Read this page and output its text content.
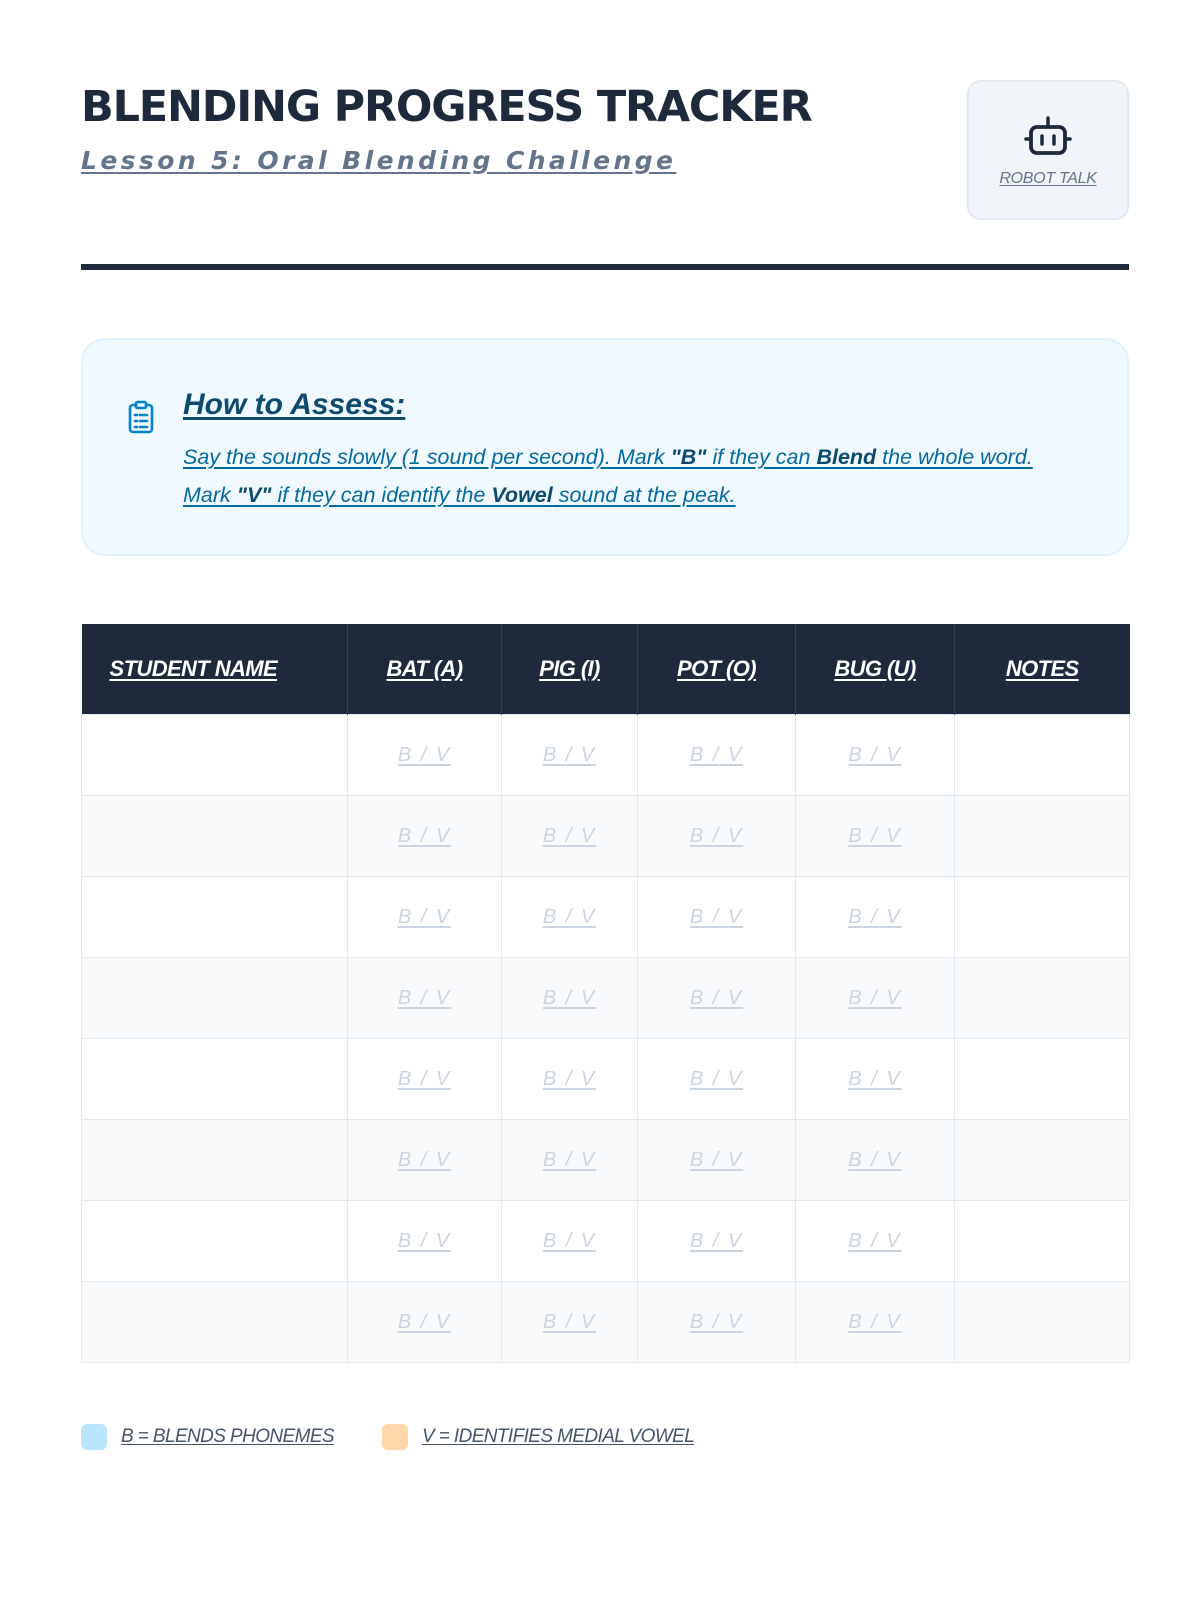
BLENDING PROGRESS TRACKER

Lesson 5: Oral Blending Challenge

ROBOT TALK
How to Assess:

Say the sounds slowly (1 sound per second). Mark "B" if they can Blend the whole word. Mark "V" if they can identify the Vowel sound at the peak.

STUDENT NAME	BAT (A)	PIG (I)	POT (O)	BUG (U)	NOTES
	B / V	B / V	B / V	B / V	
	B / V	B / V	B / V	B / V	
	B / V	B / V	B / V	B / V	
	B / V	B / V	B / V	B / V	
	B / V	B / V	B / V	B / V	
	B / V	B / V	B / V	B / V	
	B / V	B / V	B / V	B / V	
	B / V	B / V	B / V	B / V	
B = BLENDS PHONEMES	V = IDENTIFIES MEDIAL VOWEL
